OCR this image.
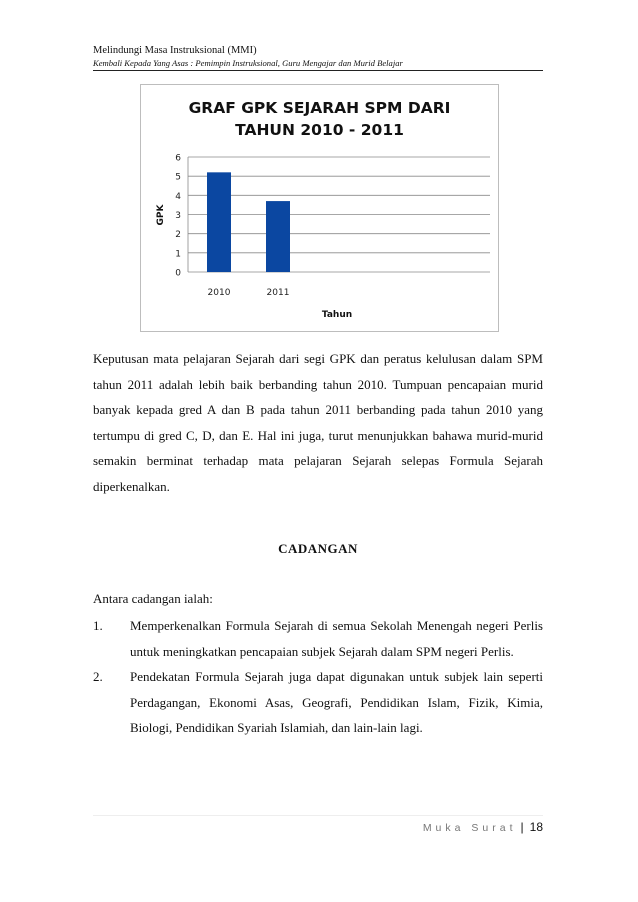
Melindungi Masa Instruksional (MMI)
Kembali Kepada Yang Asas : Pemimpin Instruksional, Guru Mengajar dan Murid Belajar
GRAF GPK SEJARAH SPM DARI
TAHUN 2010 - 2011
0
1
2
3
4
5
6
2010	2011
Tahun
GPK

Keputusan mata pelajaran Sejarah dari segi GPK dan peratus kelulusan dalam SPM tahun 2011 adalah lebih baik berbanding tahun 2010. Tumpuan pencapaian murid banyak kepada gred A dan B pada tahun 2011 berbanding pada tahun 2010 yang tertumpu di gred C, D, dan E. Hal ini juga, turut menunjukkan bahawa murid-murid semakin berminat terhadap mata pelajaran Sejarah selepas Formula Sejarah diperkenalkan.

CADANGAN
Antara cadangan ialah:
1. Memperkenalkan Formula Sejarah di semua Sekolah Menengah negeri Perlis untuk meningkatkan pencapaian subjek Sejarah dalam SPM negeri Perlis.
2. Pendekatan Formula Sejarah juga dapat digunakan untuk subjek lain seperti Perdagangan, Ekonomi Asas, Geografi, Pendidikan Islam, Fizik, Kimia, Biologi, Pendidikan Syariah Islamiah, dan lain-lain lagi.
Muka Surat | 18
